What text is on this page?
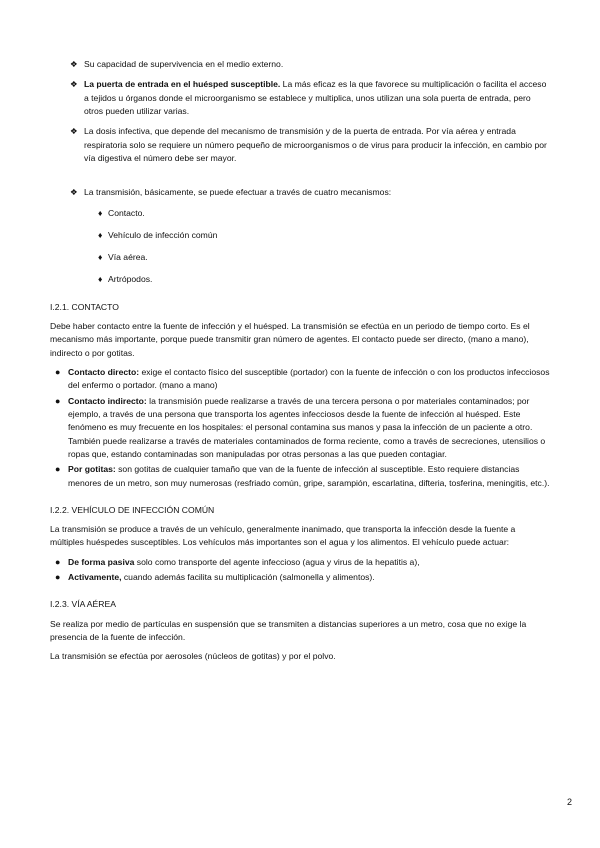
❖ Su capacidad de supervivencia en el medio externo.
❖ La puerta de entrada en el huésped susceptible. La más eficaz es la que favorece su multiplicación o facilita el acceso a tejidos u órganos donde el microorganismo se establece y multiplica, unos utilizan una sola puerta de entrada, pero otros pueden utilizar varias.
❖ La dosis infectiva, que depende del mecanismo de transmisión y de la puerta de entrada. Por vía aérea y entrada respiratoria solo se requiere un número pequeño de microorganismos o de virus para producir la infección, en cambio por vía digestiva el número debe ser mayor.
❖ La transmisión, básicamente, se puede efectuar a través de cuatro mecanismos:
♦ Contacto.
♦ Vehículo de infección común
♦ Vía aérea.
♦ Artrópodos.
I.2.1. CONTACTO

Debe haber contacto entre la fuente de infección y el huésped. La transmisión se efectúa en un periodo de tiempo corto. Es el mecanismo más importante, porque puede transmitir gran número de agentes. El contacto puede ser directo, (mano a mano), indirecto o por gotitas.

● Contacto directo: exige el contacto físico del susceptible (portador) con la fuente de infección o con los productos infecciosos del enfermo o portador. (mano a mano)
● Contacto indirecto: la transmisión puede realizarse a través de una tercera persona o por materiales contaminados; por ejemplo, a través de una persona que transporta los agentes infecciosos desde la fuente de infección al huésped. Este fenómeno es muy frecuente en los hospitales: el personal contamina sus manos y pasa la infección de un paciente a otro. También puede realizarse a través de materiales contaminados de forma reciente, como a través de secreciones, utensilios o ropas que, estando contaminadas son manipuladas por otras personas a las que pueden contagiar.
● Por gotitas: son gotitas de cualquier tamaño que van de la fuente de infección al susceptible. Esto requiere distancias menores de un metro, son muy numerosas (resfriado común, gripe, sarampión, escarlatina, difteria, tosferina, meningitis, etc.).
I.2.2. VEHÍCULO DE INFECCIÓN COMÚN

La transmisión se produce a través de un vehículo, generalmente inanimado, que transporta la infección desde la fuente a múltiples huéspedes susceptibles. Los vehículos más importantes son el agua y los alimentos. El vehículo puede actuar:

● De forma pasiva solo como transporte del agente infeccioso (agua y virus de la hepatitis a),
● Activamente, cuando además facilita su multiplicación (salmonella y alimentos).
I.2.3. VÍA AÉREA

Se realiza por medio de partículas en suspensión que se transmiten a distancias superiores a un metro, cosa que no exige la presencia de la fuente de infección.

La transmisión se efectúa por aerosoles (núcleos de gotitas) y por el polvo.

2
